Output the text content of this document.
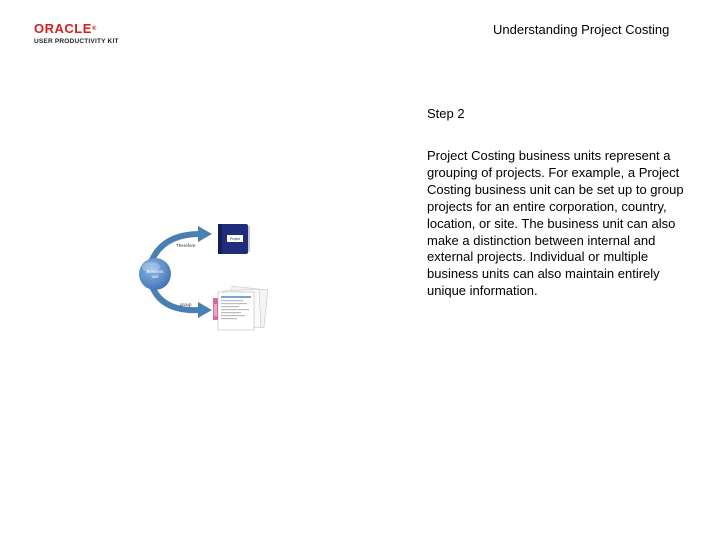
ORACLE®
USER PRODUCTIVITY KIT
Understanding Project Costing
Step 2
Project Costing business units represent a grouping of projects. For example, a Project Costing business unit can be set up to group projects for an entire corporation, country, location, or site. The business unit can also make a distinction between internal and external projects. Individual or multiple business units can also maintain entirely unique information.
Therefore
group
Business
unit
Project
